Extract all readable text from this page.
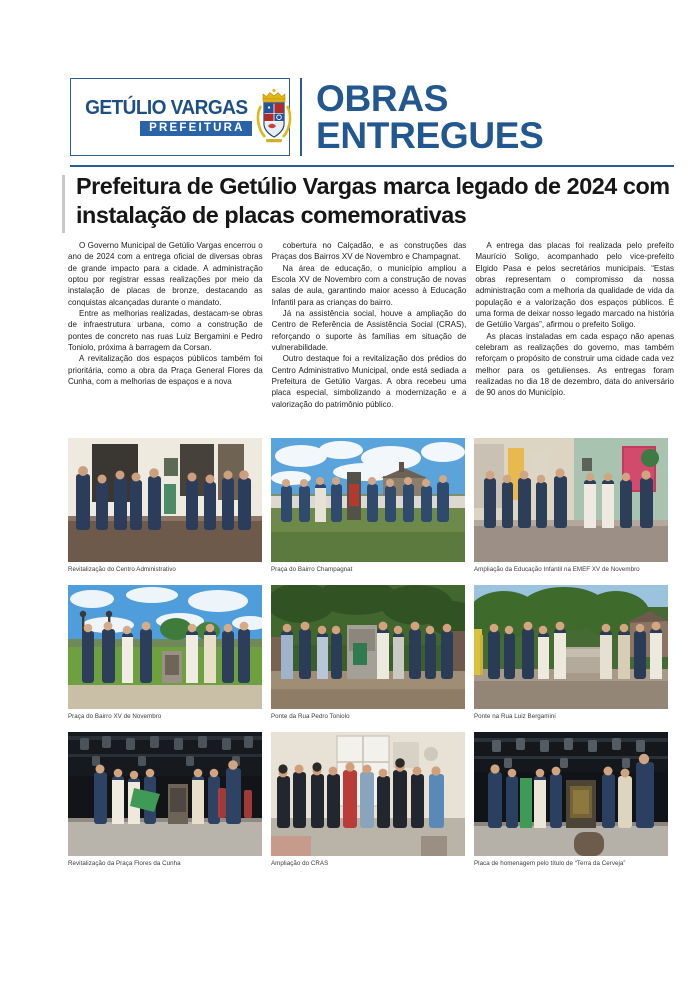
GETÚLIO VARGAS
PREFEITURA
OBRAS ENTREGUES
Prefeitura de Getúlio Vargas marca legado de 2024 com instalação de placas comemorativas

O Governo Municipal de Getúlio Vargas encerrou o ano de 2024 com a entrega oficial de diversas obras de grande impacto para a cidade. A administração optou por registrar essas realizações por meio da instalação de placas de bronze, destacando as conquistas alcançadas durante o mandato.

Entre as melhorias realizadas, destacam-se obras de infraestrutura urbana, como a construção de pontes de concreto nas ruas Luiz Bergamini e Pedro Toniolo, próxima à barragem da Corsan.

A revitalização dos espaços públicos também foi prioritária, como a obra da Praça General Flores da Cunha, com a melhorias de espaços e a nova

cobertura no Calçadão, e as construções das Praças dos Bairros XV de Novembro e Champagnat.

Na área de educação, o município ampliou a Escola XV de Novembro com a construção de novas salas de aula, garantindo maior acesso à Educação Infantil para as crianças do bairro.

Já na assistência social, houve a ampliação do Centro de Referência de Assistência Social (CRAS), reforçando o suporte às famílias em situação de vulnerabilidade.

Outro destaque foi a revitalização dos prédios do Centro Administrativo Municipal, onde está sediada a Prefeitura de Getúlio Vargas. A obra recebeu uma placa especial, simbolizando a modernização e a valorização do patrimônio público.

A entrega das placas foi realizada pelo prefeito Maurício Soligo, acompanhado pelo vice-prefeito Elgido Pasa e pelos secretários municipais. “Estas obras representam o compromisso da nossa administração com a melhoria da qualidade de vida da população e a valorização dos espaços públicos. É uma forma de deixar nosso legado marcado na história de Getúlio Vargas”, afirmou o prefeito Soligo.

As placas instaladas em cada espaço não apenas celebram as realizações do governo, mas também reforçam o propósito de construir uma cidade cada vez melhor para os getulienses. As entregas foram realizadas no dia 18 de dezembro, data do aniversário de 90 anos do Município.

Revitalização do Centro Administrativo	Praça do Bairro Champagnat	Ampliação da Educação Infantil na EMEF XV de Novembro
Praça do Bairro XV de Novembro	Ponte da Rua Pedro Toniolo	Ponte na Rua Luiz Bergamini
Revitalização da Praça Flores da Cunha	Ampliação do CRAS	Placa de homenagem pelo título de “Terra da Cerveja”
